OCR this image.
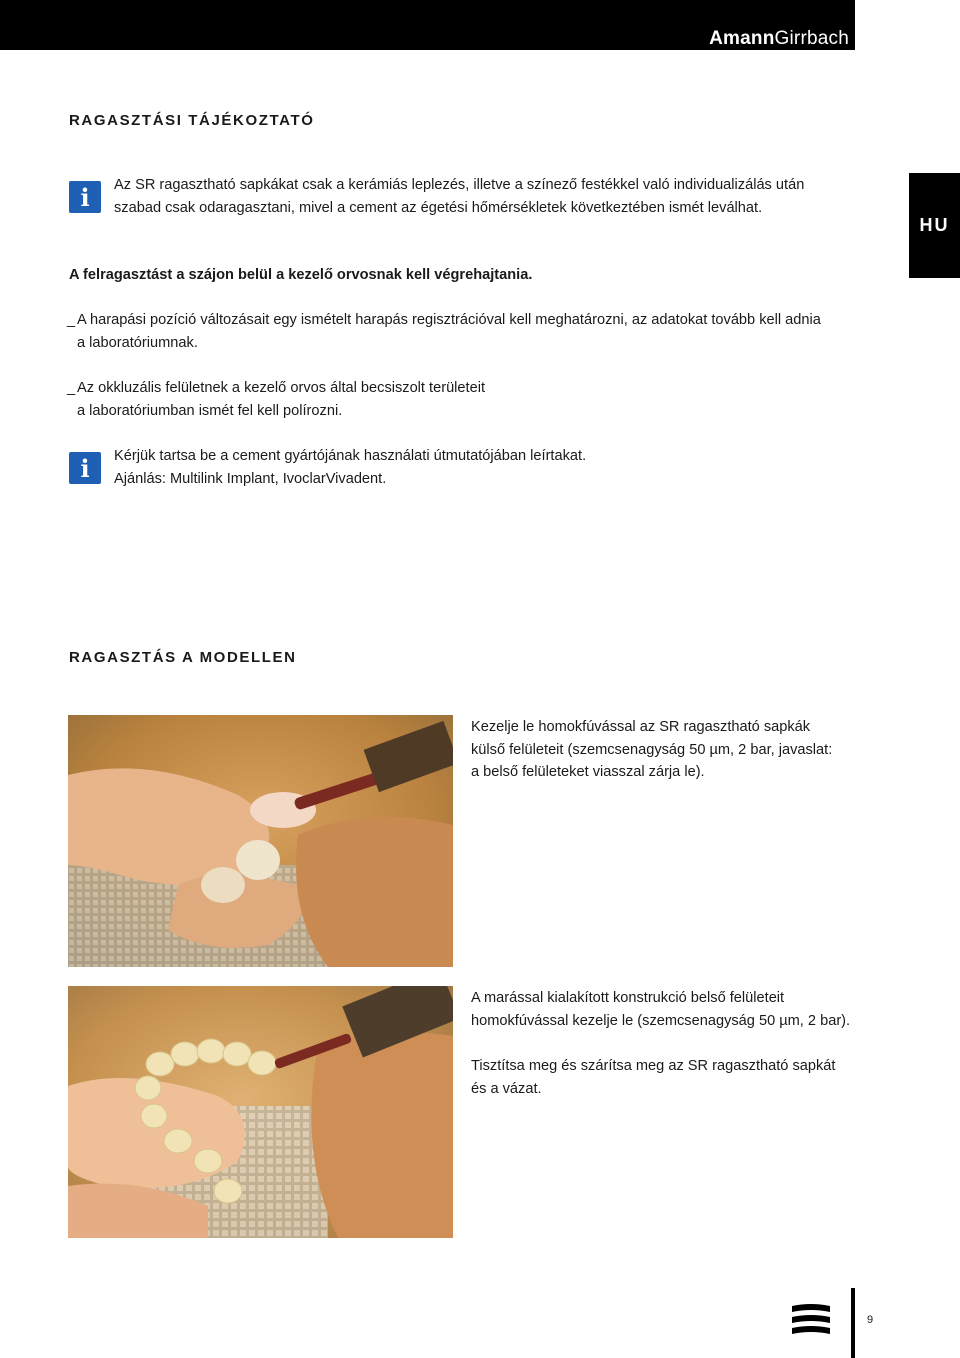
AmannGirrbach
HU
RAGASZTÁSI TÁJÉKOZTATÓ
i	Az SR ragasztható sapkákat csak a kerámiás leplezés, illetve a színező festékkel való individualizálás után
szabad csak odaragasztani, mivel a cement az égetési hőmérsékletek következtében ismét leválhat.
A felragasztást a szájon belül a kezelő orvosnak kell végrehajtania.
_ A harapási pozíció változásait egy ismételt harapás regisztrációval kell meghatározni, az adatokat tovább kell adnia
a laboratóriumnak.
_ Az okkluzális felületnek a kezelő orvos által becsiszolt területeit
a laboratóriumban ismét fel kell polírozni.
i	Kérjük tartsa be a cement gyártójának használati útmutatójában leírtakat.
Ajánlás: Multilink Implant, IvoclarVivadent.
RAGASZTÁS A MODELLEN
Kezelje le homokfúvással az SR ragasztható sapkák
külső felületeit (szemcsenagyság 50 µm, 2 bar, javaslat:
a belső felületeket viasszal zárja le).
A marással kialakított konstrukció belső felületeit
homokfúvással kezelje le (szemcsenagyság 50 µm, 2 bar).
Tisztítsa meg és szárítsa meg az SR ragasztható sapkát
és a vázat.
9
